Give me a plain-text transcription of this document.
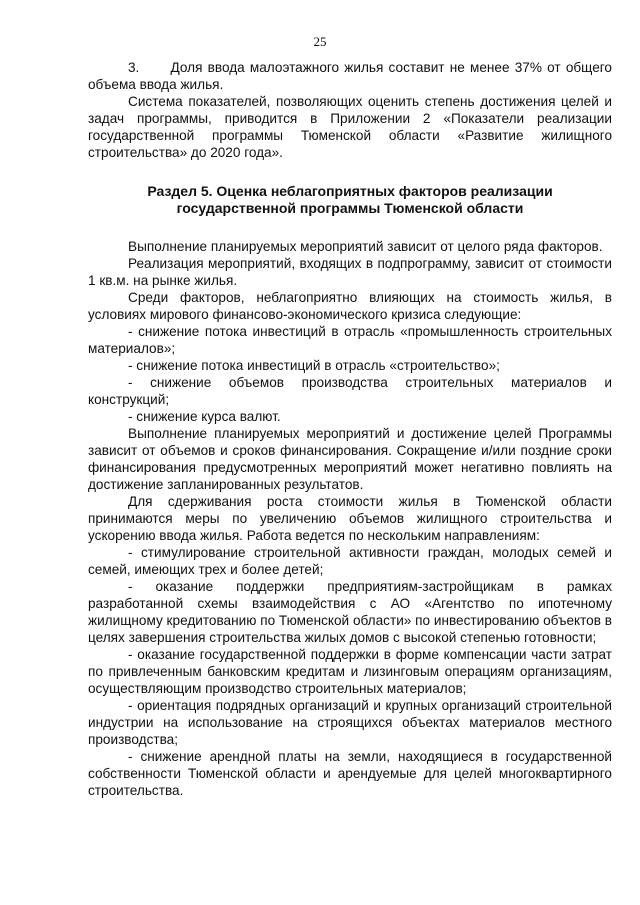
25

3.      Доля ввода малоэтажного жилья составит не менее 37% от общего объема ввода жилья.

Система показателей, позволяющих оценить степень достижения целей и задач программы, приводится в Приложении 2 «Показатели реализации государственной программы Тюменской области «Развитие жилищного строительства» до 2020 года».

Раздел 5. Оценка неблагоприятных факторов реализации государственной программы Тюменской области

Выполнение планируемых мероприятий зависит от целого ряда факторов.

Реализация мероприятий, входящих в подпрограмму, зависит от стоимости 1 кв.м. на рынке жилья.

Среди факторов, неблагоприятно влияющих на стоимость жилья, в условиях мирового финансово-экономического кризиса следующие:

- снижение потока инвестиций в отрасль «промышленность строительных материалов»;

- снижение потока инвестиций в отрасль «строительство»;

- снижение объемов производства строительных материалов и конструкций;

- снижение курса валют.

Выполнение планируемых мероприятий и достижение целей Программы зависит от объемов и сроков финансирования. Сокращение и/или поздние сроки финансирования предусмотренных мероприятий может негативно повлиять на достижение запланированных результатов.

Для сдерживания роста стоимости жилья в Тюменской области принимаются меры по увеличению объемов жилищного строительства и ускорению ввода жилья. Работа ведется по нескольким направлениям:

- стимулирование строительной активности граждан, молодых семей и семей, имеющих трех и более детей;

- оказание поддержки предприятиям-застройщикам в рамках разработанной схемы взаимодействия с АО «Агентство по ипотечному жилищному кредитованию по Тюменской области» по инвестированию объектов в целях завершения строительства жилых домов с высокой степенью готовности;

- оказание государственной поддержки в форме компенсации части затрат по привлеченным банковским кредитам и лизинговым операциям организациям, осуществляющим производство строительных материалов;

- ориентация подрядных организаций и крупных организаций строительной индустрии на использование на строящихся объектах материалов местного производства;

- снижение арендной платы на земли, находящиеся в государственной собственности Тюменской области и арендуемые для целей многоквартирного строительства.
